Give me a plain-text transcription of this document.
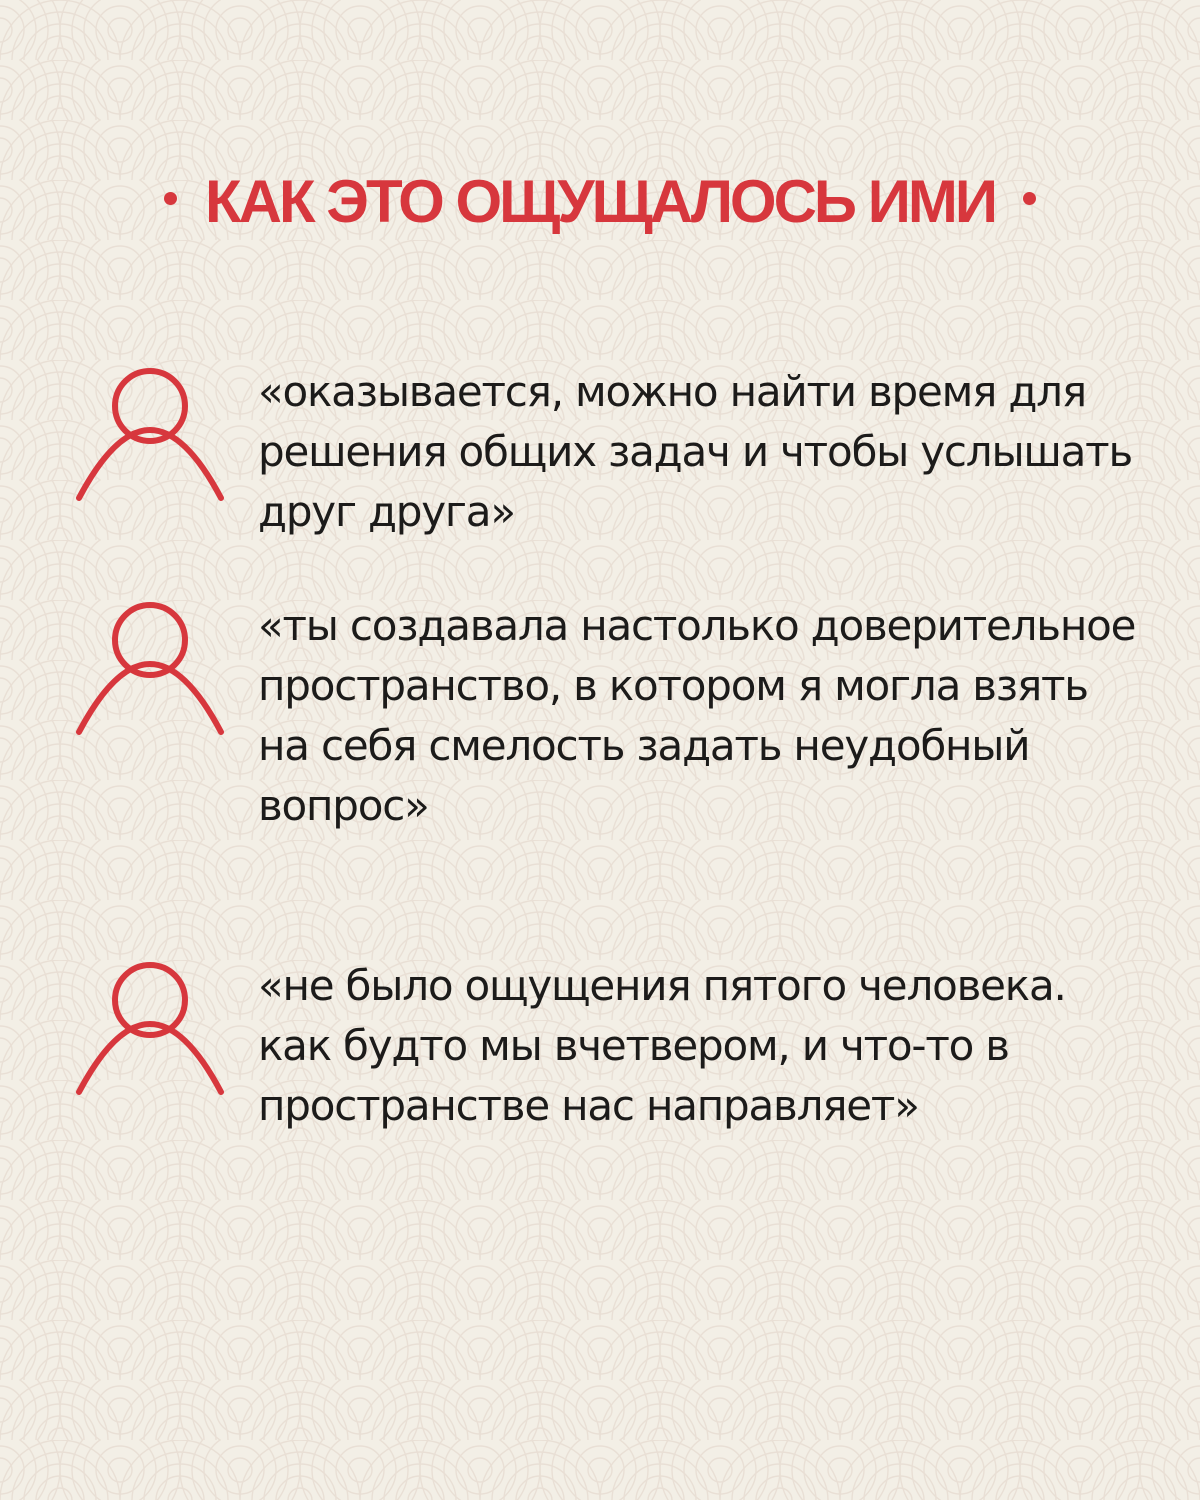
КАК ЭТО ОЩУЩАЛОСЬ ИМИ

«оказывается, можно найти время для решения общих задач и чтобы услышать друг друга»

«ты создавала настолько доверительное пространство, в котором я могла взять на себя смелость задать неудобный вопрос»

«не было ощущения пятого человека. как будто мы вчетвером, и что-то в пространстве нас направляет»
